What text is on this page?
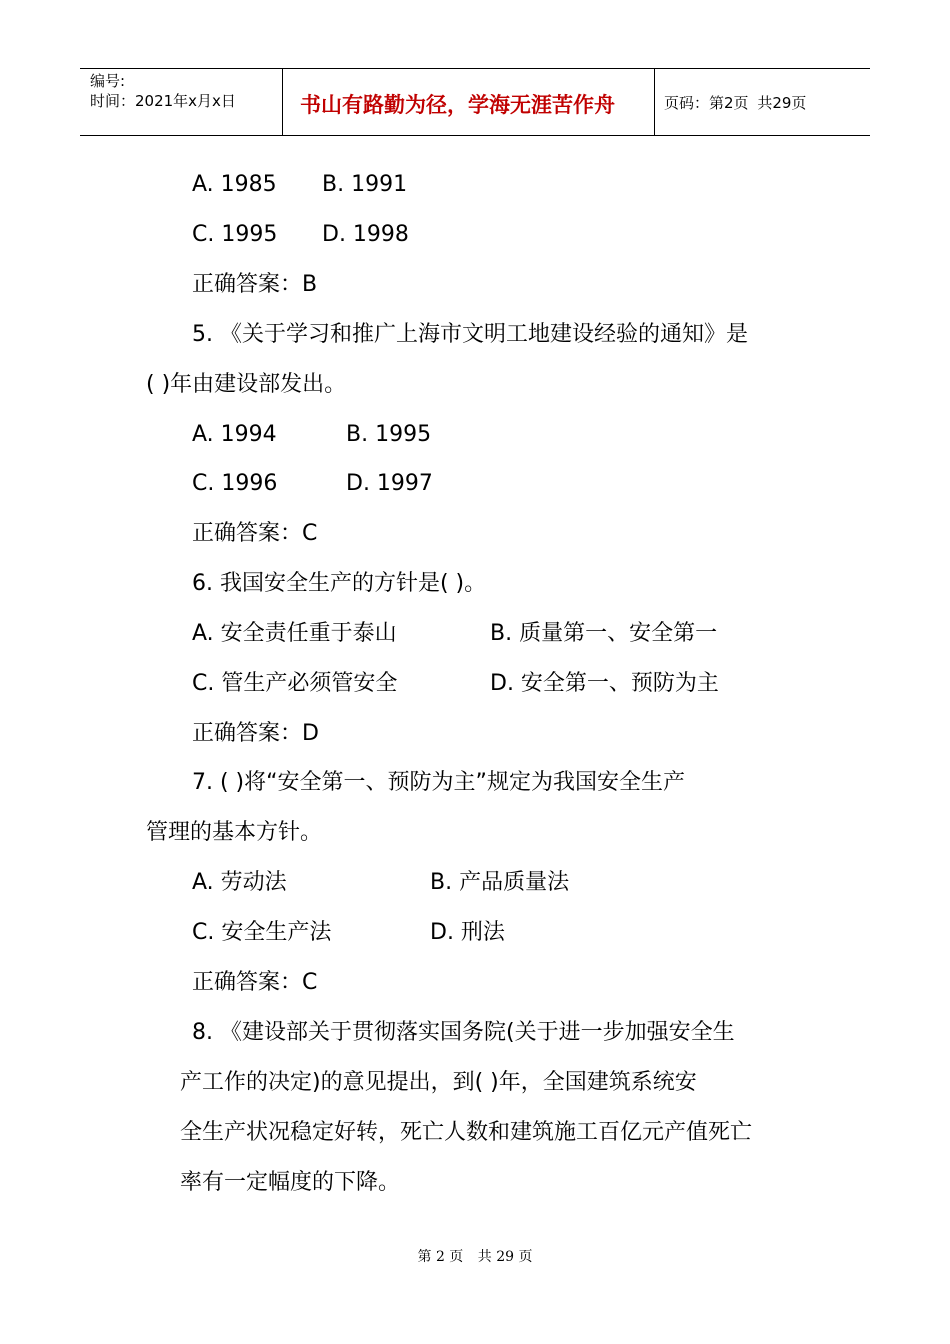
编号:
时间：2021年x月x日	书山有路勤为径，学海无涯苦作舟	页码：第2页 共29页
A. 1985 B. 1991
C. 1995 D. 1998
正确答案：B
5. 《关于学习和推广上海市文明工地建设经验的通知》是
( )年由建设部发出。
A. 1994	B. 1995
C. 1996	D. 1997
正确答案：C
6. 我国安全生产的方针是( )。
A. 安全责任重于泰山	B. 质量第一、安全第一
C. 管生产必须管安全	D. 安全第一、预防为主
正确答案：D
7. ( )将“安全第一、预防为主”规定为我国安全生产
管理的基本方针。
A. 劳动法	B. 产品质量法
C. 安全生产法	D. 刑法
正确答案：C
8. 《建设部关于贯彻落实国务院(关于进一步加强安全生
产工作的决定)的意见提出，到( )年，全国建筑系统安
全生产状况稳定好转，死亡人数和建筑施工百亿元产值死亡
率有一定幅度的下降。
第 2 页 共 29 页
